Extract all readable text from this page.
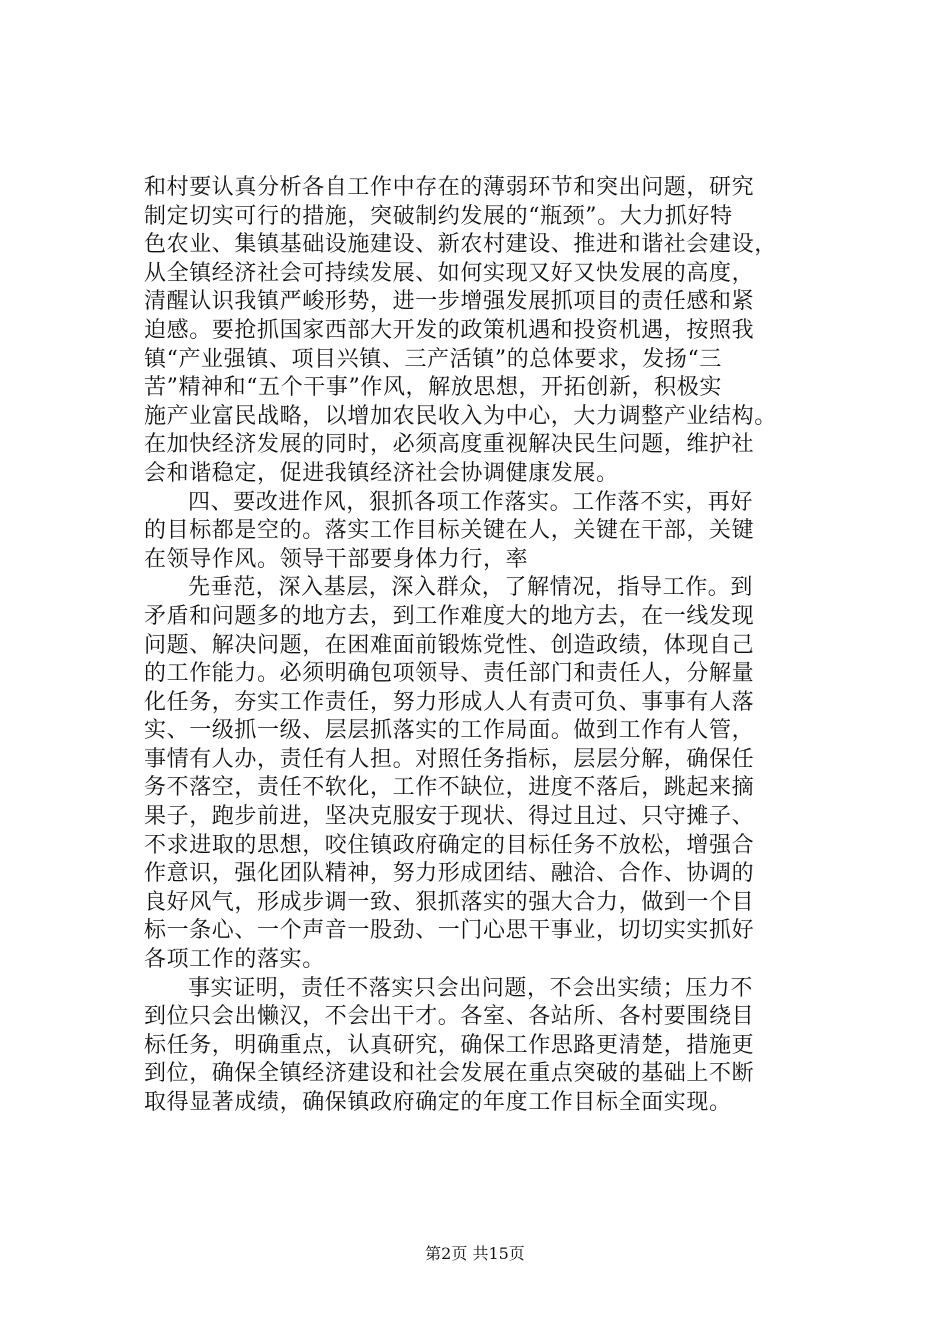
和村要认真分析各自工作中存在的薄弱环节和突出问题，研究
制定切实可行的措施，突破制约发展的“瓶颈”。大力抓好特
色农业、集镇基础设施建设、新农村建设、推进和谐社会建设，
从全镇经济社会可持续发展、如何实现又好又快发展的高度，
清醒认识我镇严峻形势，进一步增强发展抓项目的责任感和紧
迫感。要抢抓国家西部大开发的政策机遇和投资机遇，按照我
镇“产业强镇、项目兴镇、三产活镇”的总体要求，发扬“三
苦”精神和“五个干事”作风，解放思想，开拓创新，积极实
施产业富民战略，以增加农民收入为中心，大力调整产业结构。
在加快经济发展的同时，必须高度重视解决民生问题，维护社
会和谐稳定，促进我镇经济社会协调健康发展。
四、要改进作风，狠抓各项工作落实。工作落不实，再好
的目标都是空的。落实工作目标关键在人，关键在干部，关键
在领导作风。领导干部要身体力行，率
先垂范，深入基层，深入群众，了解情况，指导工作。到
矛盾和问题多的地方去，到工作难度大的地方去，在一线发现
问题、解决问题，在困难面前锻炼党性、创造政绩，体现自己
的工作能力。必须明确包项领导、责任部门和责任人，分解量
化任务，夯实工作责任，努力形成人人有责可负、事事有人落
实、一级抓一级、层层抓落实的工作局面。做到工作有人管，
事情有人办，责任有人担。对照任务指标，层层分解，确保任
务不落空，责任不软化，工作不缺位，进度不落后，跳起来摘
果子，跑步前进，坚决克服安于现状、得过且过、只守摊子、
不求进取的思想，咬住镇政府确定的目标任务不放松，增强合
作意识，强化团队精神，努力形成团结、融洽、合作、协调的
良好风气，形成步调一致、狠抓落实的强大合力，做到一个目
标一条心、一个声音一股劲、一门心思干事业，切切实实抓好
各项工作的落实。
事实证明，责任不落实只会出问题，不会出实绩；压力不
到位只会出懒汉，不会出干才。各室、各站所、各村要围绕目
标任务，明确重点，认真研究，确保工作思路更清楚，措施更
到位，确保全镇经济建设和社会发展在重点突破的基础上不断
取得显著成绩，确保镇政府确定的年度工作目标全面实现。
第2页 共15页
